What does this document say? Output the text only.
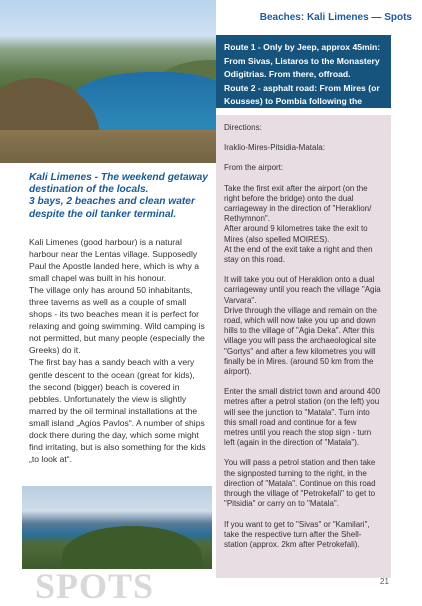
Beaches: Kali Limenes — Spots

Route 1 - Only by Jeep, approx 45min: From Sivas, Listaros to the Monastery Odigitrias. From there, offroad.

Route 2 - asphalt road: From Mires (or Kousses) to Pombia following the

Kali Limenes - The weekend getaway destination of the locals.
3 bays, 2 beaches and clean water despite the oil tanker terminal.

Kali Limenes (good harbour) is a natural harbour near the Lentas village. Supposedly Paul the Apostle landed here, which is why a small chapel was built in his honour.

The village only has around 50 inhabitants, three taverns as well as a couple of small shops - its two beaches mean it is perfect for relaxing and going swimming. Wild camping is not permitted, but many people (especially the Greeks) do it.

The first bay has a sandy beach with a very gentle descent to the ocean (great for kids), the second (bigger) beach is covered in pebbles. Unfortunately the view is slightly marred by the oil terminal installations at the small island „Agios Pavlos“. A number of ships dock there during the day, which some might find irritating, but is also something for the kids „to look at“.

Directions:

Iraklio-Mires-Pitsidia-Matala:

From the airport:

Take the first exit after the airport (on the right before the bridge) onto the dual carriageway in the direction of "Heraklion/ Rethymnon".
After around 9 kilometres take the exit to Mires (also spelled MOIRES).
At the end of the exit take a right and then stay on this road.

It will take you out of Heraklion onto a dual carriageway until you reach the village "Agia Varvara".
Drive through the village and remain on the road, which will now take you up and down hills to the village of "Agia Deka". After this village you will pass the archaeological site "Gortys" and after a few kilometres you will finally be in Mires. (around 50 km from the airport).

Enter the small district town and around 400 metres after a petrol station (on the left) you will see the junction to "Matala". Turn into this small road and continue for a few metres until you reach the stop sign - turn left (again in the direction of "Matala").

You will pass a petrol station and then take the signposted turning to the right, in the direction of "Matala". Continue on this road through the village of "Petrokefali" to get to "Pitsidia" or carry on to "Matala".

If you want to get to "Sivas" or "Kamilari", take the respective turn after the Shell-station (approx. 2km after Petrokefali).

SPOTS	21
